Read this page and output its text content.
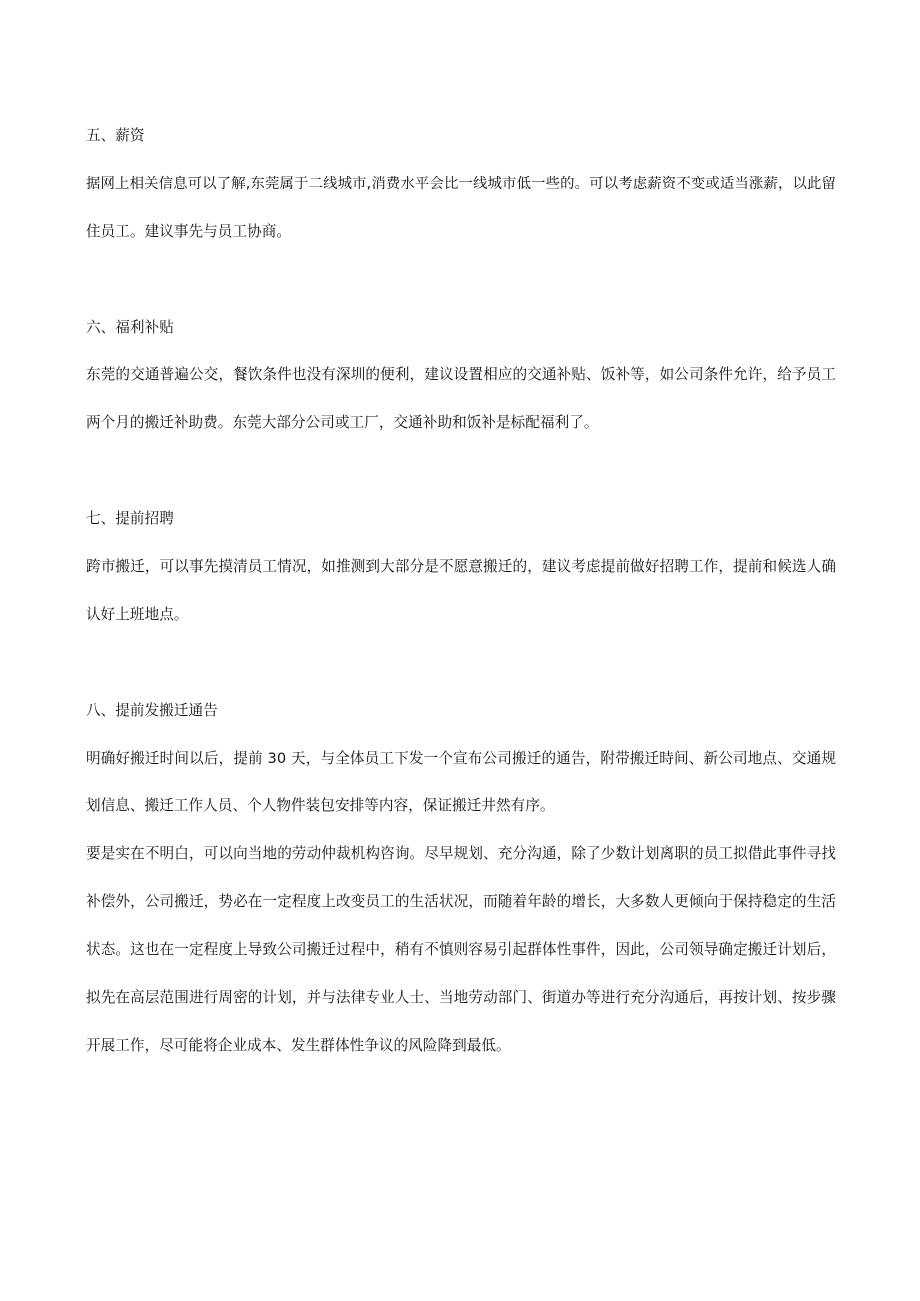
五、薪资
据网上相关信息可以了解,东莞属于二线城市,消费水平会比一线城市低一些的。可以考虑薪资不变或适当涨薪，以此留
住员工。建议事先与员工协商。
六、福利补贴
东莞的交通普遍公交，餐饮条件也没有深圳的便利，建议设置相应的交通补贴、饭补等，如公司条件允许，给予员工
两个月的搬迁补助费。东莞大部分公司或工厂，交通补助和饭补是标配福利了。
七、提前招聘
跨市搬迁，可以事先摸清员工情况，如推测到大部分是不愿意搬迁的，建议考虑提前做好招聘工作，提前和候选人确
认好上班地点。
八、提前发搬迁通告
明确好搬迁时间以后，提前 30 天，与全体员工下发一个宣布公司搬迁的通告，附带搬迁時间、新公司地点、交通规
划信息、搬迁工作人员、个人物件装包安排等内容，保证搬迁井然有序。
要是实在不明白，可以向当地的劳动仲裁机构咨询。尽早规划、充分沟通，除了少数计划离职的员工拟借此事件寻找
补偿外，公司搬迁，势必在一定程度上改变员工的生活状况，而随着年龄的增长，大多数人更倾向于保持稳定的生活
状态。这也在一定程度上导致公司搬迁过程中，稍有不慎则容易引起群体性事件，因此，公司领导确定搬迁计划后，
拟先在高层范围进行周密的计划，并与法律专业人士、当地劳动部门、街道办等进行充分沟通后，再按计划、按步骤
开展工作，尽可能将企业成本、发生群体性争议的风险降到最低。
